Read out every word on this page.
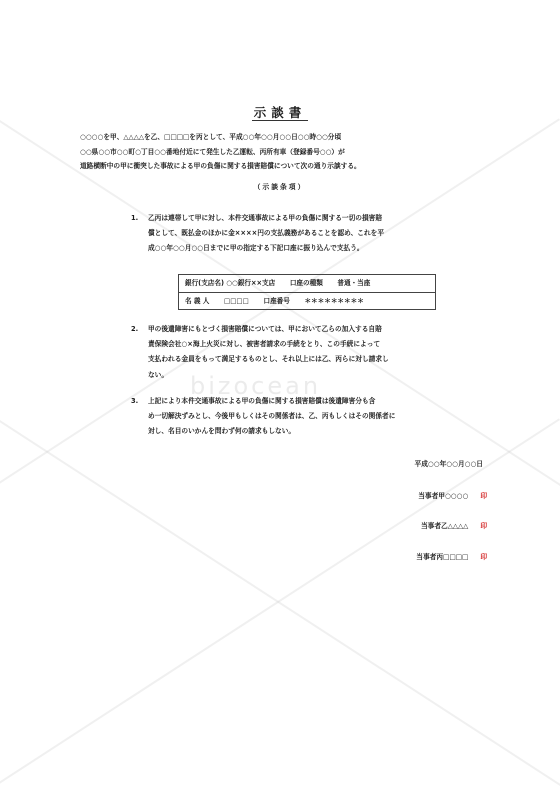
bizocean
示談書
○○○○を甲、△△△△を乙、□□□□を丙として、平成○○年○○月○○日○○時○○分頃
○○県○○市○○町○丁目○○番地付近にて発生した乙運転、丙所有車（登録番号○○）が
道路横断中の甲に衝突した事故による甲の負傷に関する損害賠償について次の通り示談する。
（示談条項）
1. 乙丙は連帯して甲に対し、本件交通事故による甲の負傷に関する一切の損害賠
償として、既払金のほかに金××××円の支払義務があることを認め、これを平
成○○年○○月○○日までに甲の指定する下記口座に振り込んで支払う。
銀行(支店名) ○○銀行××支店 口座の種類 普通・当座
名 義 人 □□□□ 口座番号 ＊＊＊＊＊＊＊＊＊
2. 甲の後遺障害にもとづく損害賠償については、甲において乙らの加入する自賠
責保険会社○×海上火災に対し、被害者請求の手続をとり、この手続によって
支払われる金員をもって満足するものとし、それ以上には乙、丙らに対し請求し
ない。
3. 上記により本件交通事故による甲の負傷に関する損害賠償は後遺障害分も含
め一切解決ずみとし、今後甲もしくはその関係者は、乙、丙もしくはその関係者に
対し、名目のいかんを問わず何の請求もしない。
平成○○年○○月○○日
当事者甲○○○○ 印
当事者乙△△△△ 印
当事者丙□□□□ 印
